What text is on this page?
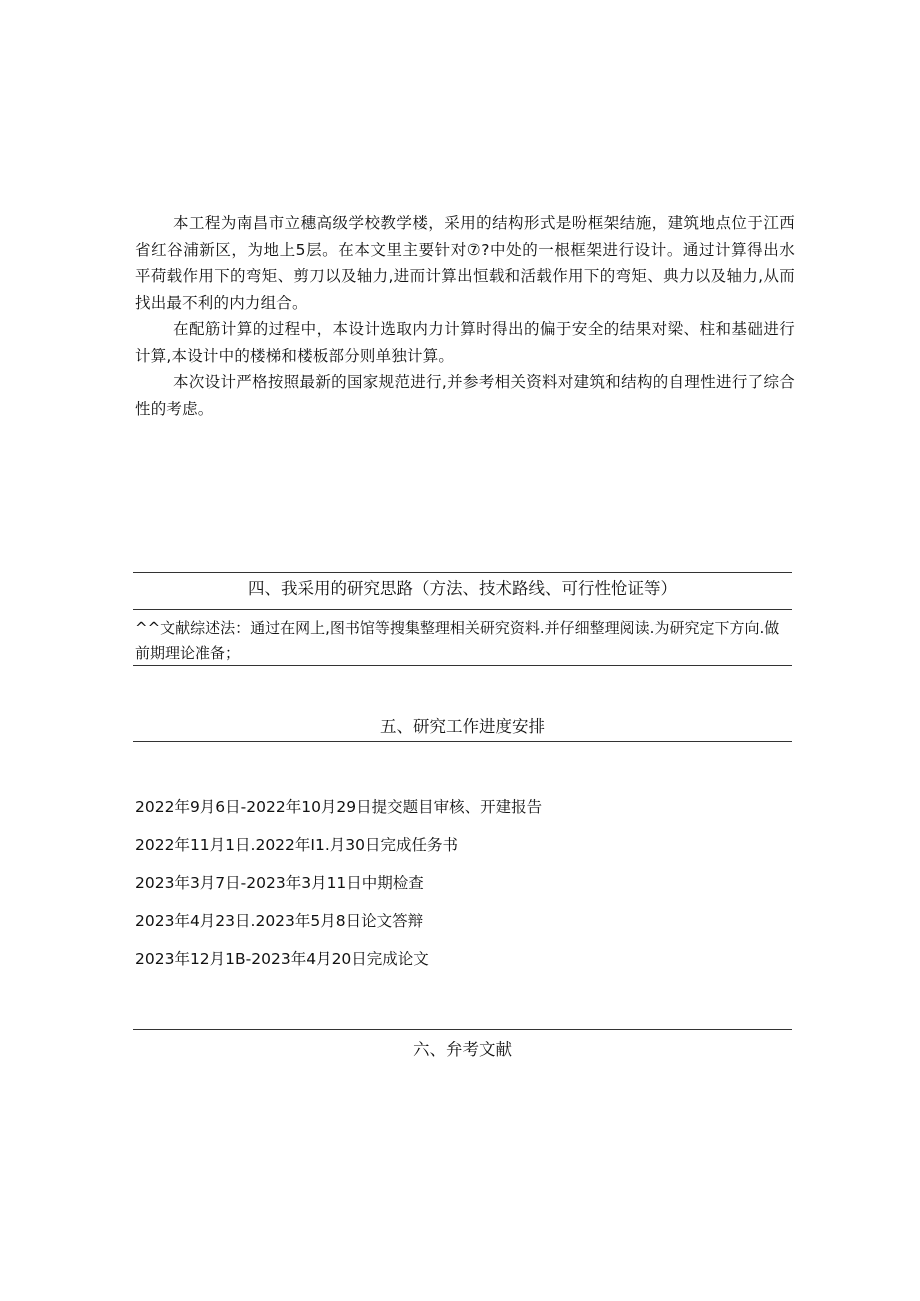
本工程为南昌市立穗高级学校教学楼，采用的结构形式是吩框架结施，建筑地点位于江西省红谷浦新区，为地上5层。在本文里主要针对⑦?中处的一根框架进行设计。通过计算得出水平荷载作用下的弯矩、剪刀以及轴力,进而计算出恒载和活载作用下的弯矩、典力以及轴力,从而找出最不利的内力组合。

在配筋计算的过程中，本设计选取内力计算时得出的偏于安全的结果对梁、柱和基础进行计算,本设计中的楼梯和楼板部分则单独计算。

本次设计严格按照最新的国家规范进行,并参考相关资料对建筑和结构的自理性进行了综合性的考虑。

四、我采用的研究思路（方法、技术路线、可行性怆证等）
^^文献综述法：通过在网上,图书馆等搜集整理相关研究资料.并仔细整理阅读.为研究定下方向.做前期理论准备；
五、研究工作进度安排
2022年9月6日-2022年10月29日提交题目审核、开建报告
2022年11月1日.2022年I1.月30日完成任务书
2023年3月7日-2023年3月11日中期检查
2023年4月23日.2023年5月8日论文答辩
2023年12月1B-2023年4月20日完成论文
六、弁考文献
